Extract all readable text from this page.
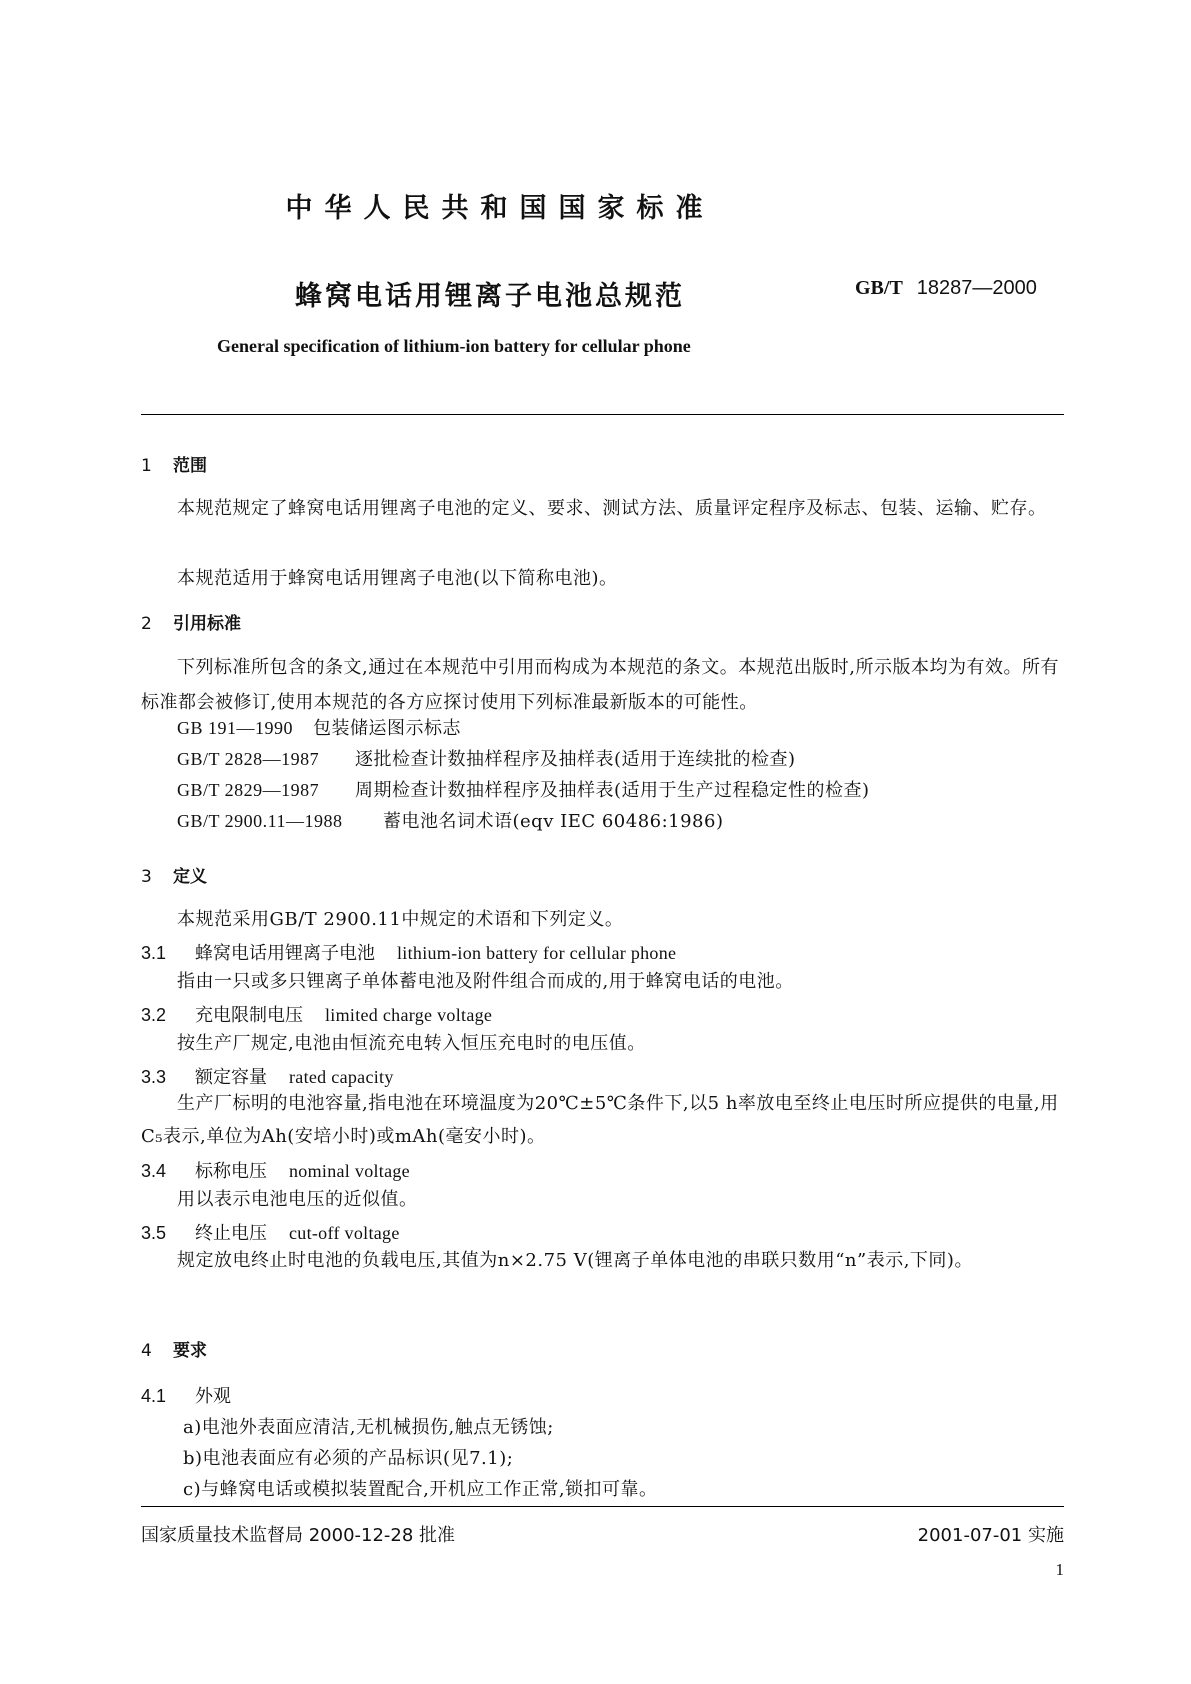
中华人民共和国国家标准
蜂窝电话用锂离子电池总规范	GB/T 18287—2000
General specification of lithium-ion battery for cellular phone
1 范围
本规范规定了蜂窝电话用锂离子电池的定义、要求、测试方法、质量评定程序及标志、包装、运输、贮存。
本规范适用于蜂窝电话用锂离子电池(以下简称电池)。
2 引用标准
下列标准所包含的条文,通过在本规范中引用而构成为本规范的条文。本规范出版时,所示版本均为有效。所有标准都会被修订,使用本规范的各方应探讨使用下列标准最新版本的可能性。
GB 191—1990 包装储运图示标志
GB/T 2828—1987 逐批检查计数抽样程序及抽样表(适用于连续批的检查)
GB/T 2829—1987 周期检查计数抽样程序及抽样表(适用于生产过程稳定性的检查)
GB/T 2900.11—1988 蓄电池名词术语(eqv IEC 60486:1986)
3 定义
本规范采用GB/T 2900.11中规定的术语和下列定义。
3.1 蜂窝电话用锂离子电池 lithium-ion battery for cellular phone
指由一只或多只锂离子单体蓄电池及附件组合而成的,用于蜂窝电话的电池。
3.2 充电限制电压 limited charge voltage
按生产厂规定,电池由恒流充电转入恒压充电时的电压值。
3.3 额定容量 rated capacity
生产厂标明的电池容量,指电池在环境温度为20℃±5℃条件下,以5 h率放电至终止电压时所应提供的电量,用C₅表示,单位为Ah(安培小时)或mAh(毫安小时)。
3.4 标称电压 nominal voltage
用以表示电池电压的近似值。
3.5 终止电压 cut-off voltage
规定放电终止时电池的负载电压,其值为n×2.75 V(锂离子单体电池的串联只数用“n”表示,下同)。
4 要求
4.1 外观
a)电池外表面应清洁,无机械损伤,触点无锈蚀;
b)电池表面应有必须的产品标识(见7.1);
c)与蜂窝电话或模拟装置配合,开机应工作正常,锁扣可靠。
国家质量技术监督局 2000-12-28 批准	2001-07-01 实施
1
